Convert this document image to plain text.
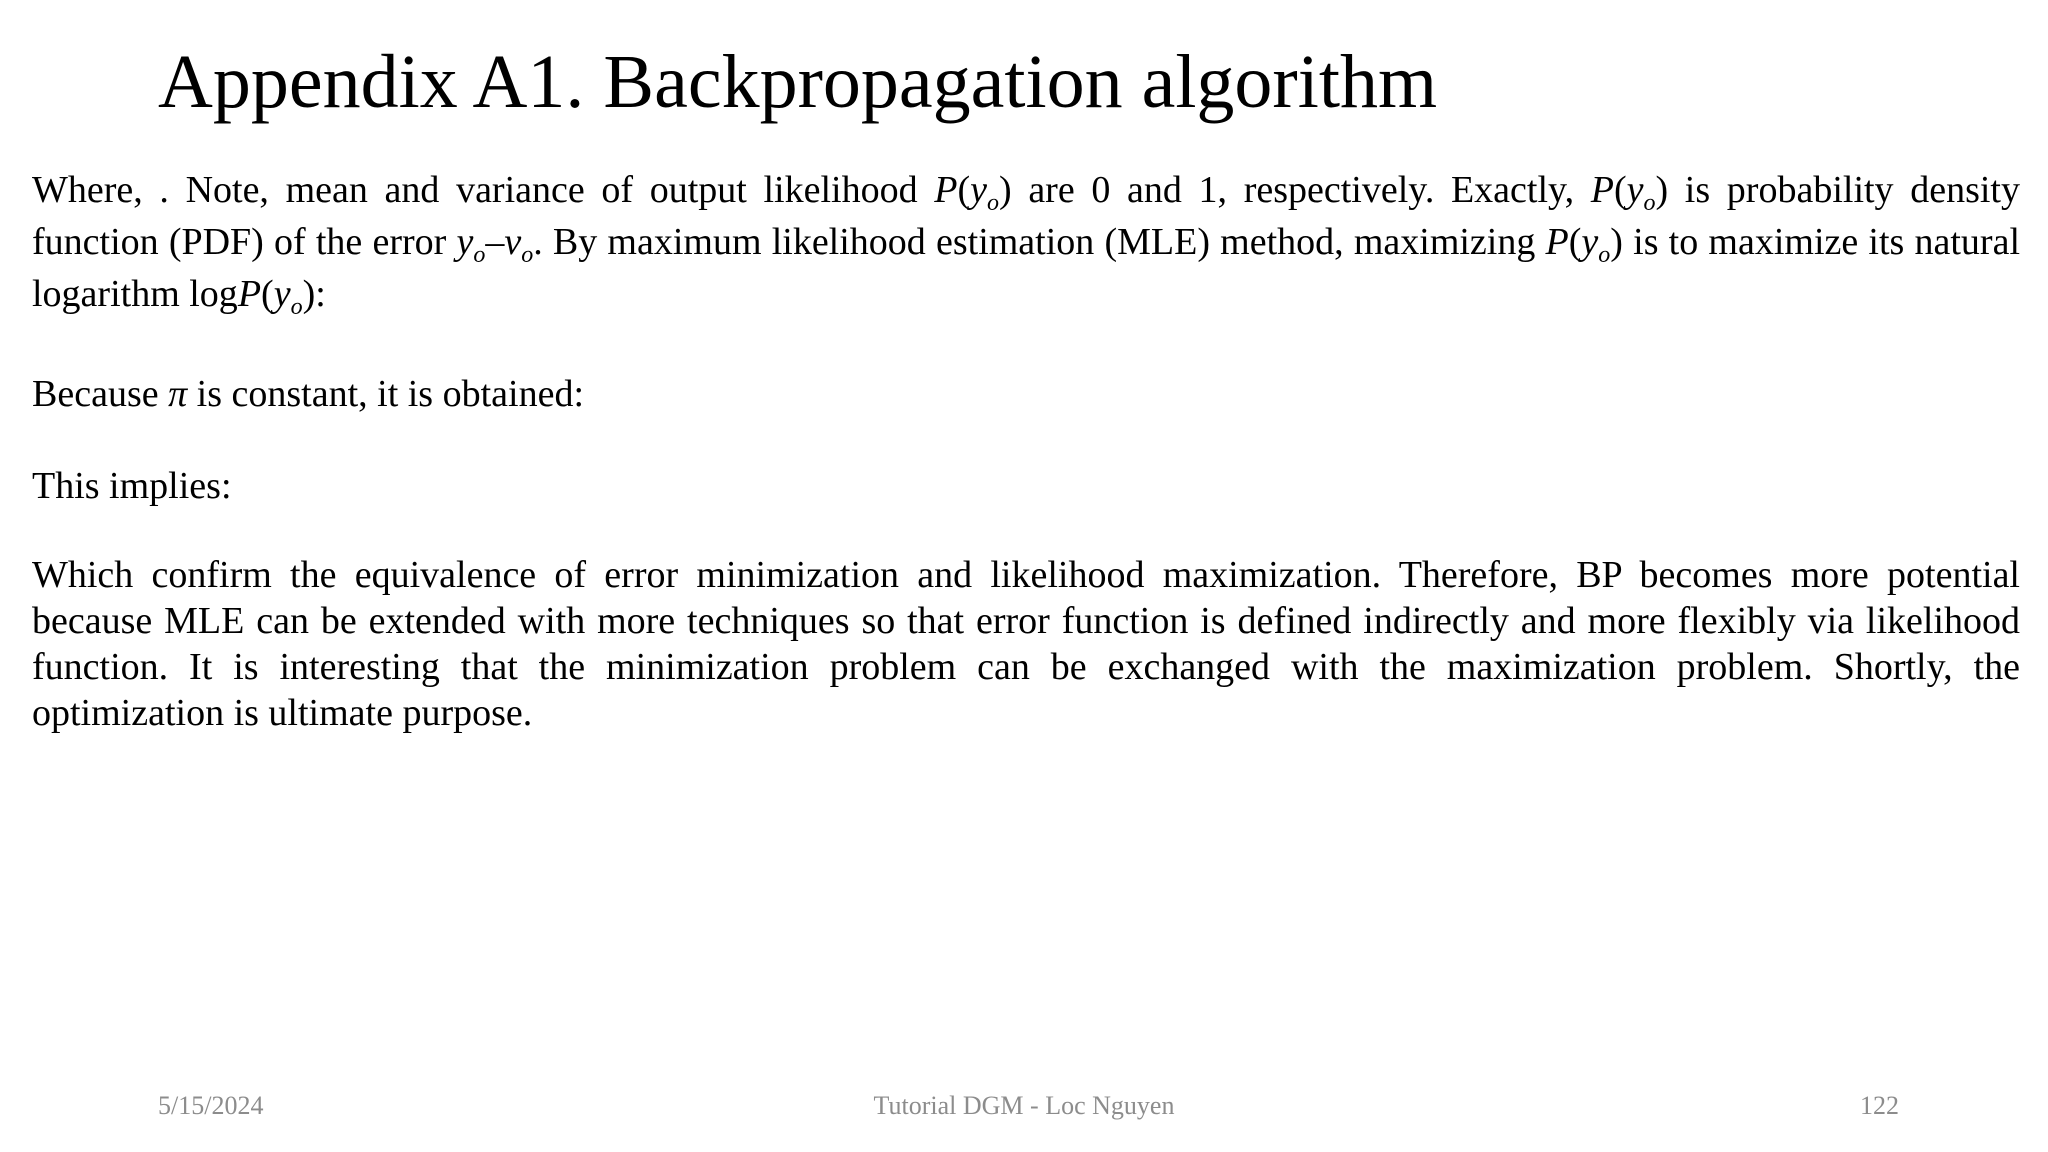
Appendix A1. Backpropagation algorithm

Where, . Note, mean and variance of output likelihood $P(y_o)$ are 0 and 1, respectively. Exactly, $P(y_o)$ is probability density function (PDF) of the error $y_o-v_o$. By maximum likelihood estimation (MLE) method, maximizing $P(y_o)$ is to maximize its natural logarithm $\log P(y_o)$:

Because π is constant, it is obtained:

This implies:

Which confirm the equivalence of error minimization and likelihood maximization. Therefore, BP becomes more potential because MLE can be extended with more techniques so that error function is defined indirectly and more flexibly via likelihood function. It is interesting that the minimization problem can be exchanged with the maximization problem. Shortly, the optimization is ultimate purpose.

5/15/2024	Tutorial DGM - Loc Nguyen	122
